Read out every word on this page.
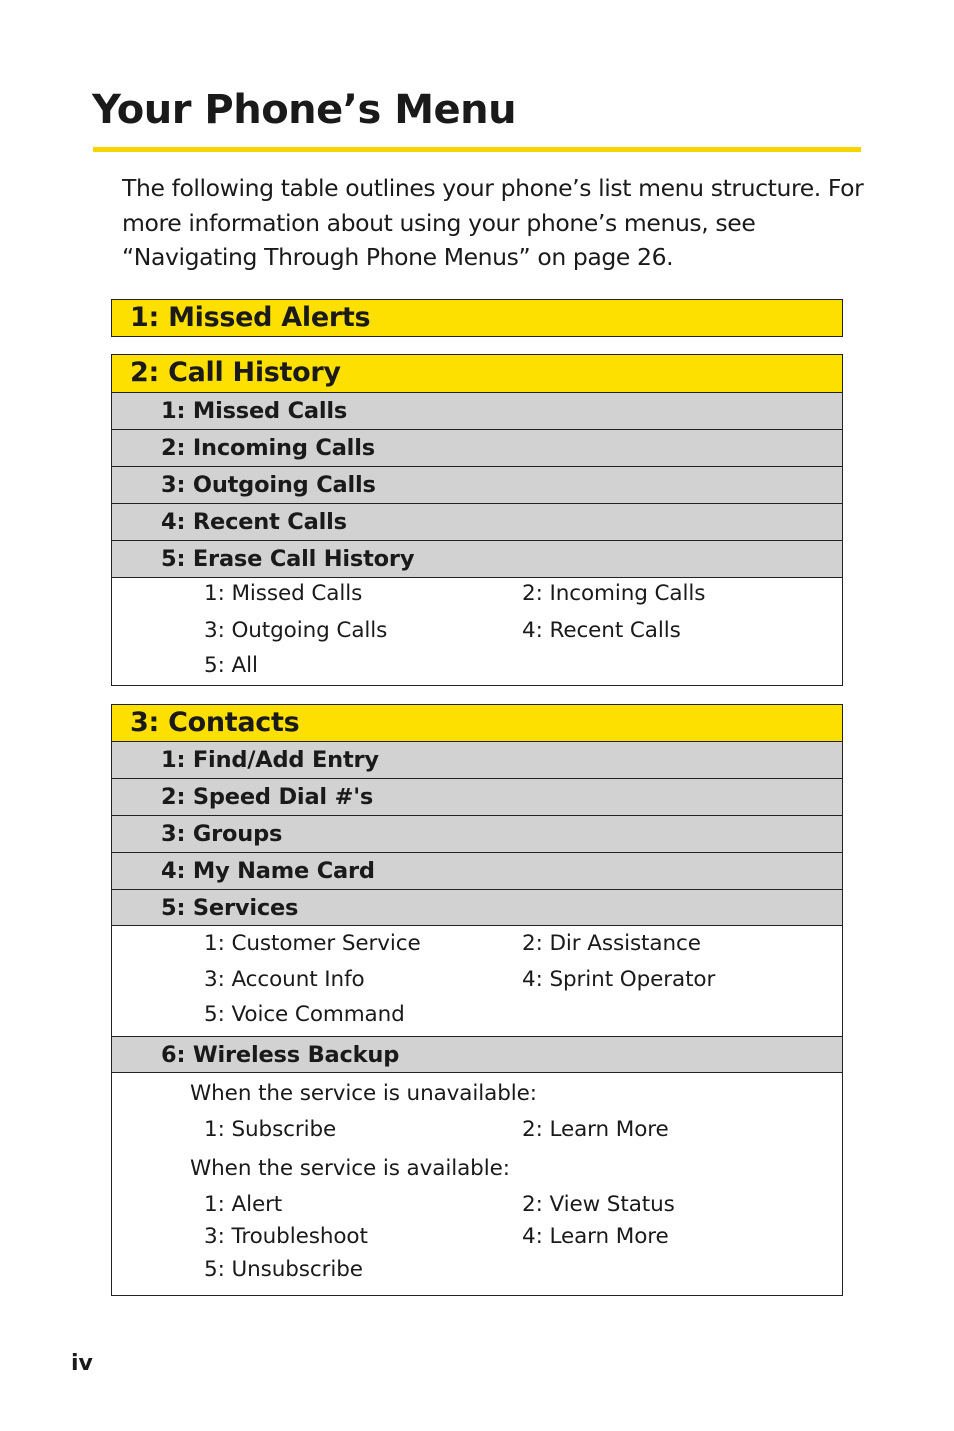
Your Phone’s Menu

The following table outlines your phone’s list menu structure. For more information about using your phone’s menus, see “Navigating Through Phone Menus” on page 26.

1: Missed Alerts
2: Call History
1: Missed Calls
2: Incoming Calls
3: Outgoing Calls
4: Recent Calls
5: Erase Call History
1: Missed Calls	2: Incoming Calls
3: Outgoing Calls	4: Recent Calls
5: All
3: Contacts
1: Find/Add Entry
2: Speed Dial #'s
3: Groups
4: My Name Card
5: Services
1: Customer Service	2: Dir Assistance
3: Account Info	4: Sprint Operator
5: Voice Command
6: Wireless Backup
When the service is unavailable:
1: Subscribe	2: Learn More
When the service is available:
1: Alert	2: View Status
3: Troubleshoot	4: Learn More
5: Unsubscribe
iv
